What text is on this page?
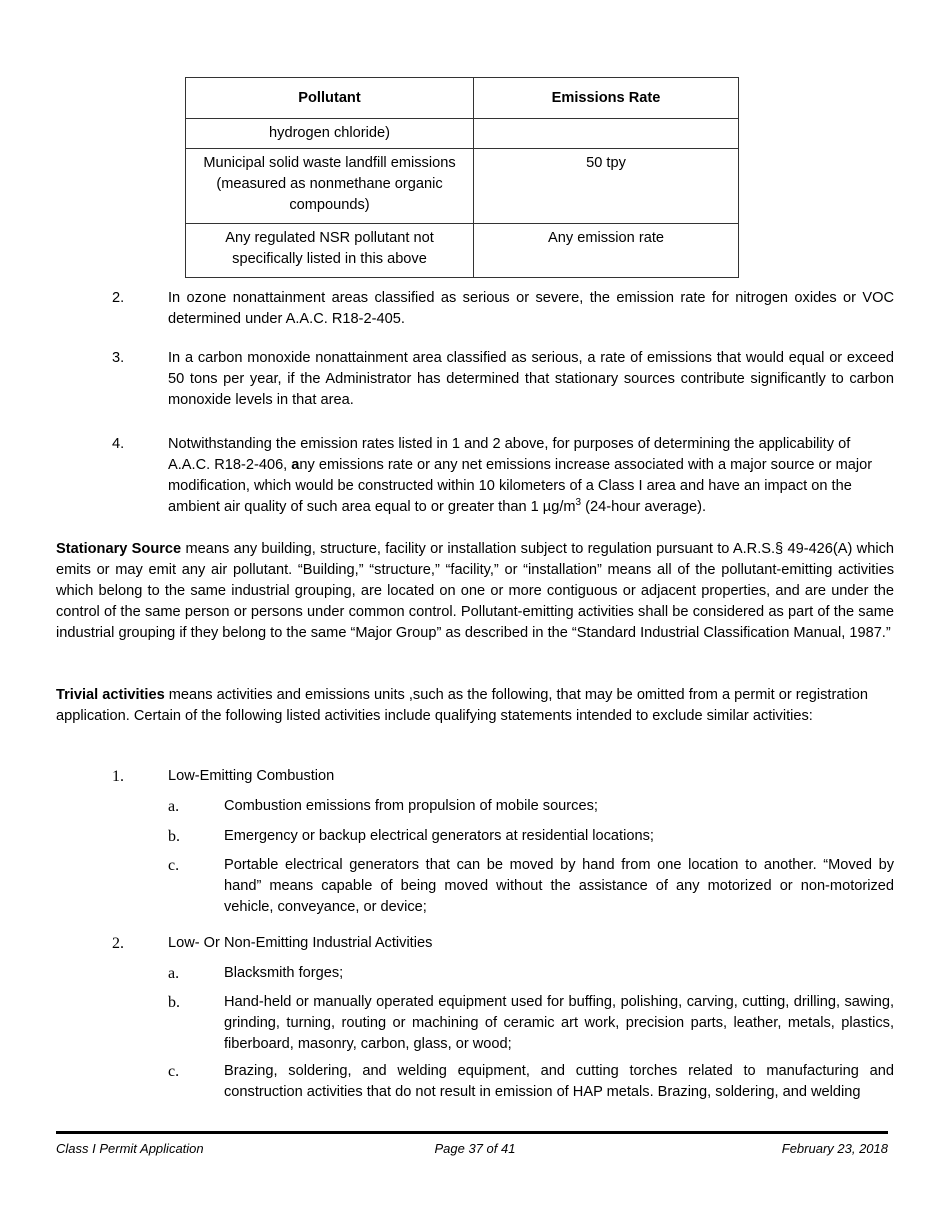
Pollutant	Emissions Rate
hydrogen chloride)	
Municipal solid waste landfill emissions (measured as nonmethane organic compounds)	50 tpy
Any regulated NSR pollutant not specifically listed in this above	Any emission rate
2.	In ozone nonattainment areas classified as serious or severe, the emission rate for nitrogen oxides or VOC determined under A.A.C. R18-2-405.
3.	In a carbon monoxide nonattainment area classified as serious, a rate of emissions that would equal or exceed 50 tons per year, if the Administrator has determined that stationary sources contribute significantly to carbon monoxide levels in that area.
4.	Notwithstanding the emission rates listed in 1 and 2 above, for purposes of determining the applicability of A.A.C. R18-2-406, any emissions rate or any net emissions increase associated with a major source or major modification, which would be constructed within 10 kilometers of a Class I area and have an impact on the ambient air quality of such area equal to or greater than 1 $\mu g/m^3$ (24-hour average).
Stationary Source means any building, structure, facility or installation subject to regulation pursuant to A.R.S.§ 49-426(A) which emits or may emit any air pollutant. “Building,” “structure,” “facility,” or “installation” means all of the pollutant-emitting activities which belong to the same industrial grouping, are located on one or more contiguous or adjacent properties, and are under the control of the same person or persons under common control. Pollutant-emitting activities shall be considered as part of the same industrial grouping if they belong to the same “Major Group” as described in the “Standard Industrial Classification Manual, 1987.”
Trivial activities means activities and emissions units ,such as the following, that may be omitted from a permit or registration application. Certain of the following listed activities include qualifying statements intended to exclude similar activities:
1.	Low-Emitting Combustion
a.	Combustion emissions from propulsion of mobile sources;
b.	Emergency or backup electrical generators at residential locations;
c.	Portable electrical generators that can be moved by hand from one location to another. “Moved by hand” means capable of being moved without the assistance of any motorized or non-motorized vehicle, conveyance, or device;
2.	Low- Or Non-Emitting Industrial Activities
a.	Blacksmith forges;
b.	Hand-held or manually operated equipment used for buffing, polishing, carving, cutting, drilling, sawing, grinding, turning, routing or machining of ceramic art work, precision parts, leather, metals, plastics, fiberboard, masonry, carbon, glass, or wood;
c.	Brazing, soldering, and welding equipment, and cutting torches related to manufacturing and construction activities that do not result in emission of HAP metals. Brazing, soldering, and welding
Class I Permit Application	Page 37 of 41	February 23, 2018
